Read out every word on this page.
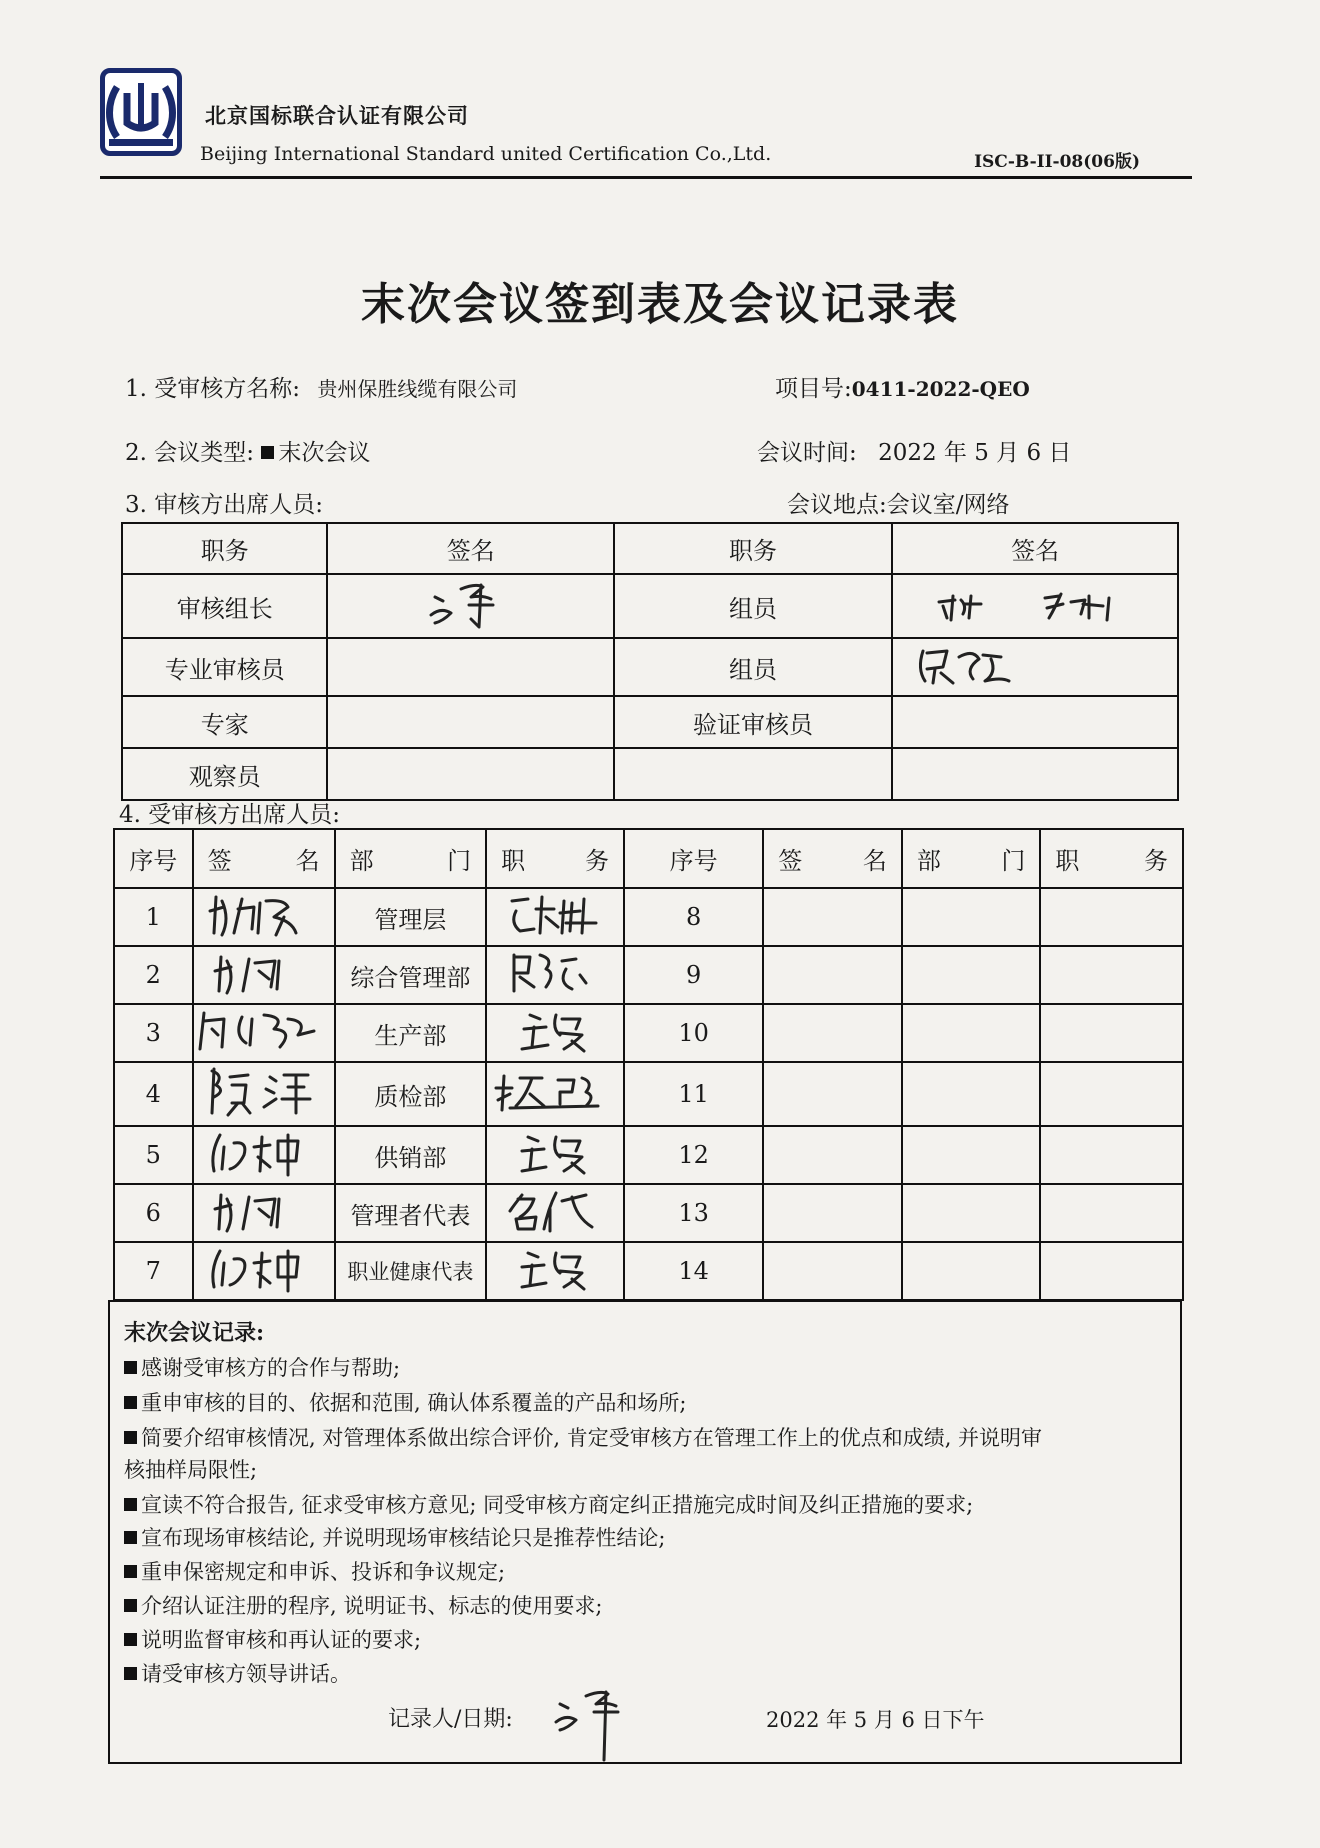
北京国标联合认证有限公司
Beijing International Standard united Certification Co.,Ltd.	ISC-B-II-08(06版)
末次会议签到表及会议记录表
1. 受审核方名称: 贵州保胜线缆有限公司	项目号:0411-2022-QEO
2. 会议类型: 末次会议	会议时间: 2022 年 5 月 6 日
3. 审核方出席人员:	会议地点:会议室/网络
职务	签名	职务	签名
审核组长		组员	
专业审核员		组员	
专家		验证审核员	
观察员			
4. 受审核方出席人员:
序号	签 名	部 门	职 务	序号	签 名	部 门	职 务

1		管理层		8			
2		综合管理部		9			
3		生产部		10			
4		质检部		11			
5		供销部		12			
6		管理者代表		13			
7		职业健康代表		14			
末次会议记录:
感谢受审核方的合作与帮助;
重申审核的目的、依据和范围, 确认体系覆盖的产品和场所;
简要介绍审核情况, 对管理体系做出综合评价, 肯定受审核方在管理工作上的优点和成绩, 并说明审
核抽样局限性;
宣读不符合报告, 征求受审核方意见; 同受审核方商定纠正措施完成时间及纠正措施的要求;
宣布现场审核结论, 并说明现场审核结论只是推荐性结论;
重申保密规定和申诉、投诉和争议规定;
介绍认证注册的程序, 说明证书、标志的使用要求;
说明监督审核和再认证的要求;
请受审核方领导讲话。
记录人/日期:	2022 年 5 月 6 日下午
